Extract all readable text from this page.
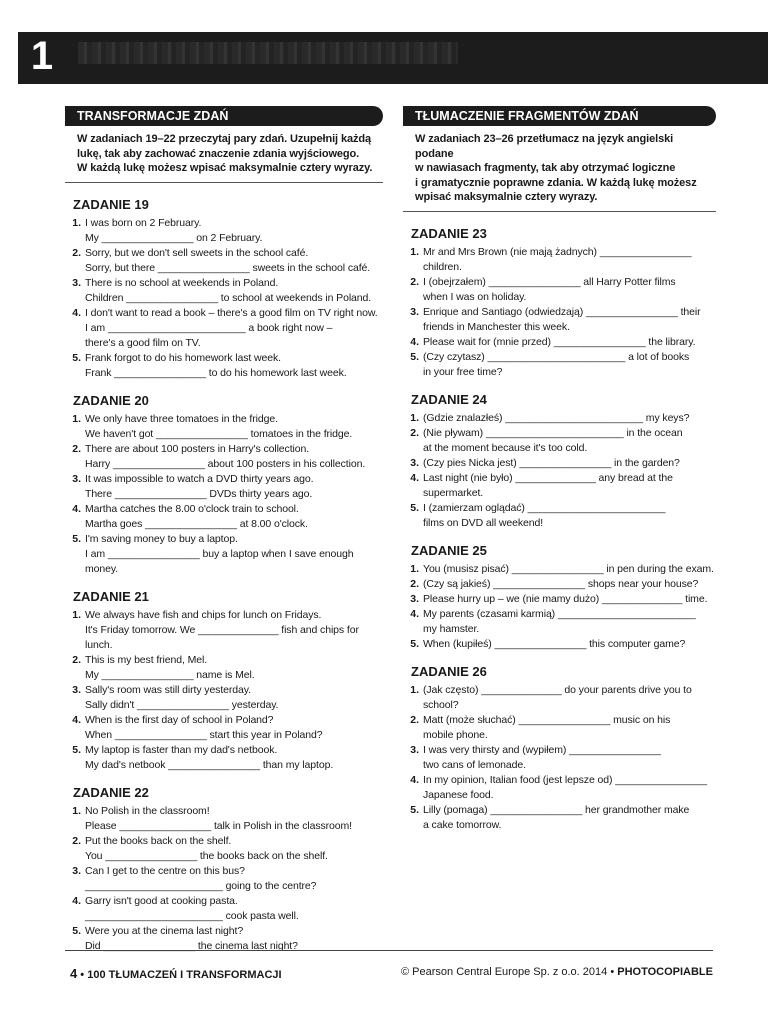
1
TRANSFORMACJE ZDAŃ
W zadaniach 19–22 przeczytaj pary zdań. Uzupełnij każdą
lukę, tak aby zachować znaczenie zdania wyjściowego.
W każdą lukę możesz wpisać maksymalnie cztery wyrazy.
ZADANIE 19
1. I was born on 2 February.
My ________________ on 2 February.
2. Sorry, but we don't sell sweets in the school café.
Sorry, but there ________________ sweets in the school café.
3. There is no school at weekends in Poland.
Children ________________ to school at weekends in Poland.
4. I don't want to read a book – there's a good film on TV right now.
I am ________________________ a book right now –
there's a good film on TV.
5. Frank forgot to do his homework last week.
Frank ________________ to do his homework last week.
ZADANIE 20
1. We only have three tomatoes in the fridge.
We haven't got ________________ tomatoes in the fridge.
2. There are about 100 posters in Harry's collection.
Harry ________________ about 100 posters in his collection.
3. It was impossible to watch a DVD thirty years ago.
There ________________ DVDs thirty years ago.
4. Martha catches the 8.00 o'clock train to school.
Martha goes ________________ at 8.00 o'clock.
5. I'm saving money to buy a laptop.
I am ________________ buy a laptop when I save enough money.
ZADANIE 21
1. We always have fish and chips for lunch on Fridays.
It's Friday tomorrow. We ______________ fish and chips for lunch.
2. This is my best friend, Mel.
My ________________ name is Mel.
3. Sally's room was still dirty yesterday.
Sally didn't ________________ yesterday.
4. When is the first day of school in Poland?
When ________________ start this year in Poland?
5. My laptop is faster than my dad's netbook.
My dad's netbook ________________ than my laptop.
ZADANIE 22
1. No Polish in the classroom!
Please ________________ talk in Polish in the classroom!
2. Put the books back on the shelf.
You ________________ the books back on the shelf.
3. Can I get to the centre on this bus?
________________________ going to the centre?
4. Garry isn't good at cooking pasta.
________________________ cook pasta well.
5. Were you at the cinema last night?
Did ________________ the cinema last night?
TŁUMACZENIE FRAGMENTÓW ZDAŃ
W zadaniach 23–26 przetłumacz na język angielski podane
w nawiasach fragmenty, tak aby otrzymać logiczne
i gramatycznie poprawne zdania. W każdą lukę możesz
wpisać maksymalnie cztery wyrazy.
ZADANIE 23
1. Mr and Mrs Brown (nie mają żadnych) ________________ children.
2. I (obejrzałem) ________________ all Harry Potter films
when I was on holiday.
3. Enrique and Santiago (odwiedzają) ________________ their
friends in Manchester this week.
4. Please wait for (mnie przed) ________________ the library.
5. (Czy czytasz) ________________________ a lot of books
in your free time?
ZADANIE 24
1. (Gdzie znalazłeś) ________________________ my keys?
2. (Nie pływam) ________________________ in the ocean
at the moment because it's too cold.
3. (Czy pies Nicka jest) ________________ in the garden?
4. Last night (nie było) ______________ any bread at the supermarket.
5. I (zamierzam oglądać) ________________________
films on DVD all weekend!
ZADANIE 25
1. You (musisz pisać) ________________ in pen during the exam.
2. (Czy są jakieś) ________________ shops near your house?
3. Please hurry up – we (nie mamy dużo) ______________ time.
4. My parents (czasami karmią) ________________________
my hamster.
5. When (kupiłeś) ________________ this computer game?
ZADANIE 26
1. (Jak często) ______________ do your parents drive you to school?
2. Matt (może słuchać) ________________ music on his
mobile phone.
3. I was very thirsty and (wypiłem) ________________
two cans of lemonade.
4. In my opinion, Italian food (jest lepsze od) ________________
Japanese food.
5. Lilly (pomaga) ________________ her grandmother make
a cake tomorrow.
4 • 100 TŁUMACZEŃ I TRANSFORMACJI	© Pearson Central Europe Sp. z o.o. 2014 • PHOTOCOPIABLE
